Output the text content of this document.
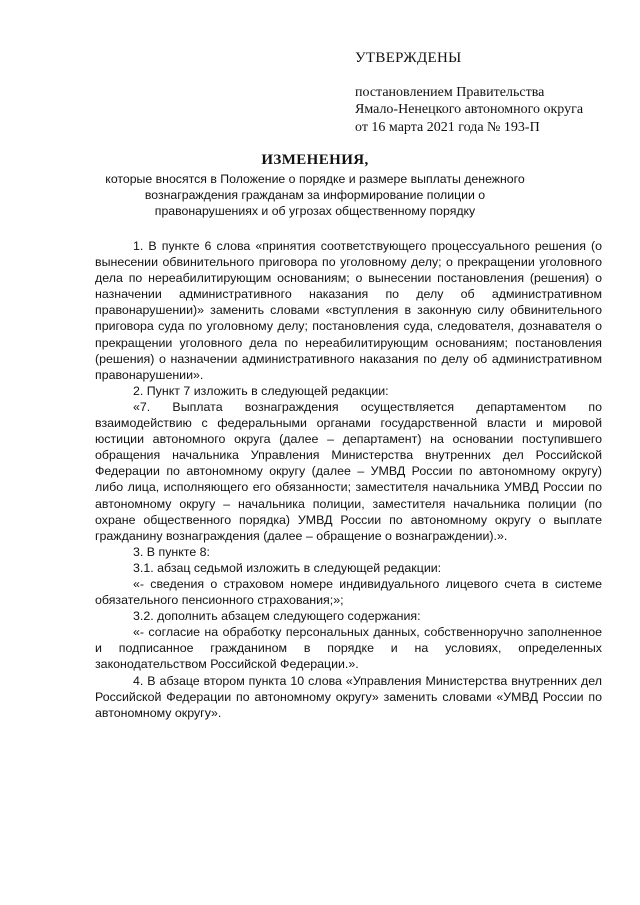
УТВЕРЖДЕНЫ
постановлением Правительства
Ямало-Ненецкого автономного округа
от 16 марта 2021 года № 193-П
ИЗМЕНЕНИЯ,
которые вносятся в Положение о порядке и размере выплаты денежного вознаграждения гражданам за информирование полиции о правонарушениях и об угрозах общественному порядку

1. В пункте 6 слова «принятия соответствующего процессуального решения (о вынесении обвинительного приговора по уголовному делу; о прекращении уголовного дела по нереабилитирующим основаниям; о вынесении постановления (решения) о назначении административного наказания по делу об административном правонарушении)» заменить словами «вступления в законную силу обвинительного приговора суда по уголовному делу; постановления суда, следователя, дознавателя о прекращении уголовного дела по нереабилитирующим основаниям; постановления (решения) о назначении административного наказания по делу об административном правонарушении».

2. Пункт 7 изложить в следующей редакции:

«7. Выплата вознаграждения осуществляется департаментом по взаимодействию с федеральными органами государственной власти и мировой юстиции автономного округа (далее – департамент) на основании поступившего обращения начальника Управления Министерства внутренних дел Российской Федерации по автономному округу (далее – УМВД России по автономному округу) либо лица, исполняющего его обязанности; заместителя начальника УМВД России по автономному округу – начальника полиции, заместителя начальника полиции (по охране общественного порядка) УМВД России по автономному округу о выплате гражданину вознаграждения (далее – обращение о вознаграждении).».

3. В пункте 8:

3.1. абзац седьмой изложить в следующей редакции:

«- сведения о страховом номере индивидуального лицевого счета в системе обязательного пенсионного страхования;»;

3.2. дополнить абзацем следующего содержания:

«- согласие на обработку персональных данных, собственноручно заполненное и подписанное гражданином в порядке и на условиях, определенных законодательством Российской Федерации.».

4. В абзаце втором пункта 10 слова «Управления Министерства внутренних дел Российской Федерации по автономному округу» заменить словами «УМВД России по автономному округу».
